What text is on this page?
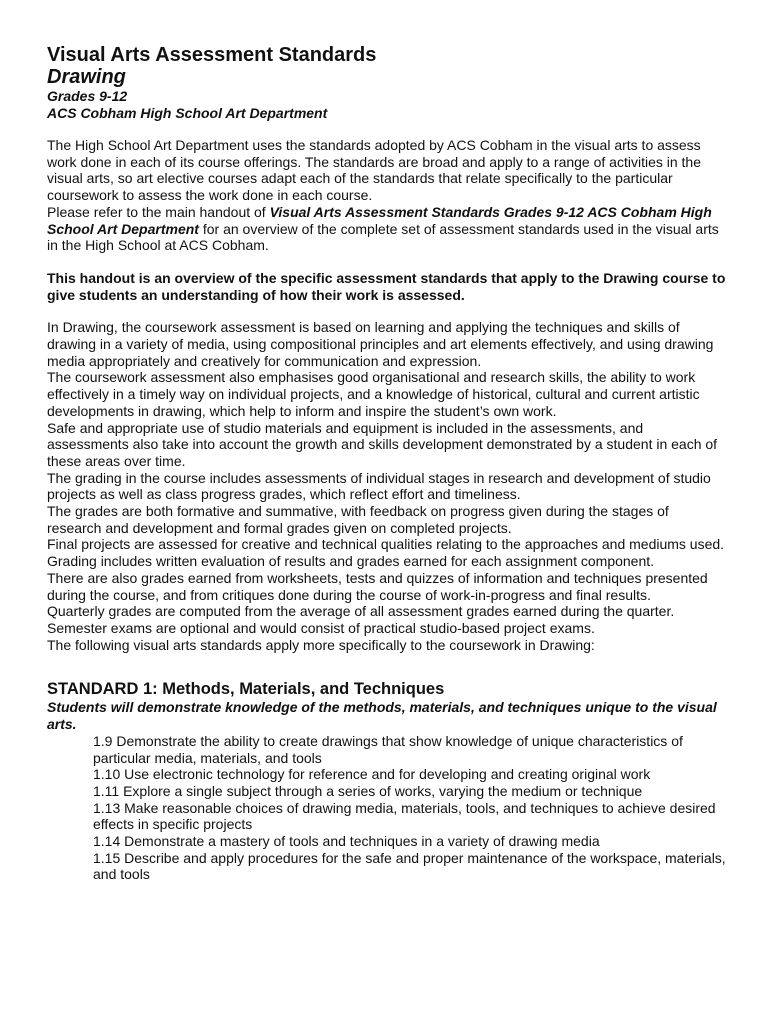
Visual Arts Assessment Standards
Drawing
Grades 9-12
ACS Cobham High School Art Department

The High School Art Department uses the standards adopted by ACS Cobham in the visual arts to assess work done in each of its course offerings. The standards are broad and apply to a range of activities in the visual arts, so art elective courses adapt each of the standards that relate specifically to the particular coursework to assess the work done in each course.

Please refer to the main handout of Visual Arts Assessment Standards Grades 9-12 ACS Cobham High School Art Department for an overview of the complete set of assessment standards used in the visual arts in the High School at ACS Cobham.

This handout is an overview of the specific assessment standards that apply to the Drawing course to give students an understanding of how their work is assessed.

In Drawing, the coursework assessment is based on learning and applying the techniques and skills of drawing in a variety of media, using compositional principles and art elements effectively, and using drawing media appropriately and creatively for communication and expression.

The coursework assessment also emphasises good organisational and research skills, the ability to work effectively in a timely way on individual projects, and a knowledge of historical, cultural and current artistic developments in drawing, which help to inform and inspire the student’s own work.

Safe and appropriate use of studio materials and equipment is included in the assessments, and assessments also take into account the growth and skills development demonstrated by a student in each of these areas over time.

The grading in the course includes assessments of individual stages in research and development of studio projects as well as class progress grades, which reflect effort and timeliness.

The grades are both formative and summative, with feedback on progress given during the stages of research and development and formal grades given on completed projects.

Final projects are assessed for creative and technical qualities relating to the approaches and mediums used. Grading includes written evaluation of results and grades earned for each assignment component.

There are also grades earned from worksheets, tests and quizzes of information and techniques presented during the course, and from critiques done during the course of work-in-progress and final results.

Quarterly grades are computed from the average of all assessment grades earned during the quarter.

Semester exams are optional and would consist of practical studio-based project exams.

The following visual arts standards apply more specifically to the coursework in Drawing:

STANDARD 1: Methods, Materials, and Techniques
Students will demonstrate knowledge of the methods, materials, and techniques unique to the visual arts.

1.9 Demonstrate the ability to create drawings that show knowledge of unique characteristics of particular media, materials, and tools

1.10 Use electronic technology for reference and for developing and creating original work

1.11 Explore a single subject through a series of works, varying the medium or technique

1.13 Make reasonable choices of drawing media, materials, tools, and techniques to achieve desired effects in specific projects

1.14 Demonstrate a mastery of tools and techniques in a variety of drawing media

1.15 Describe and apply procedures for the safe and proper maintenance of the workspace, materials, and tools
